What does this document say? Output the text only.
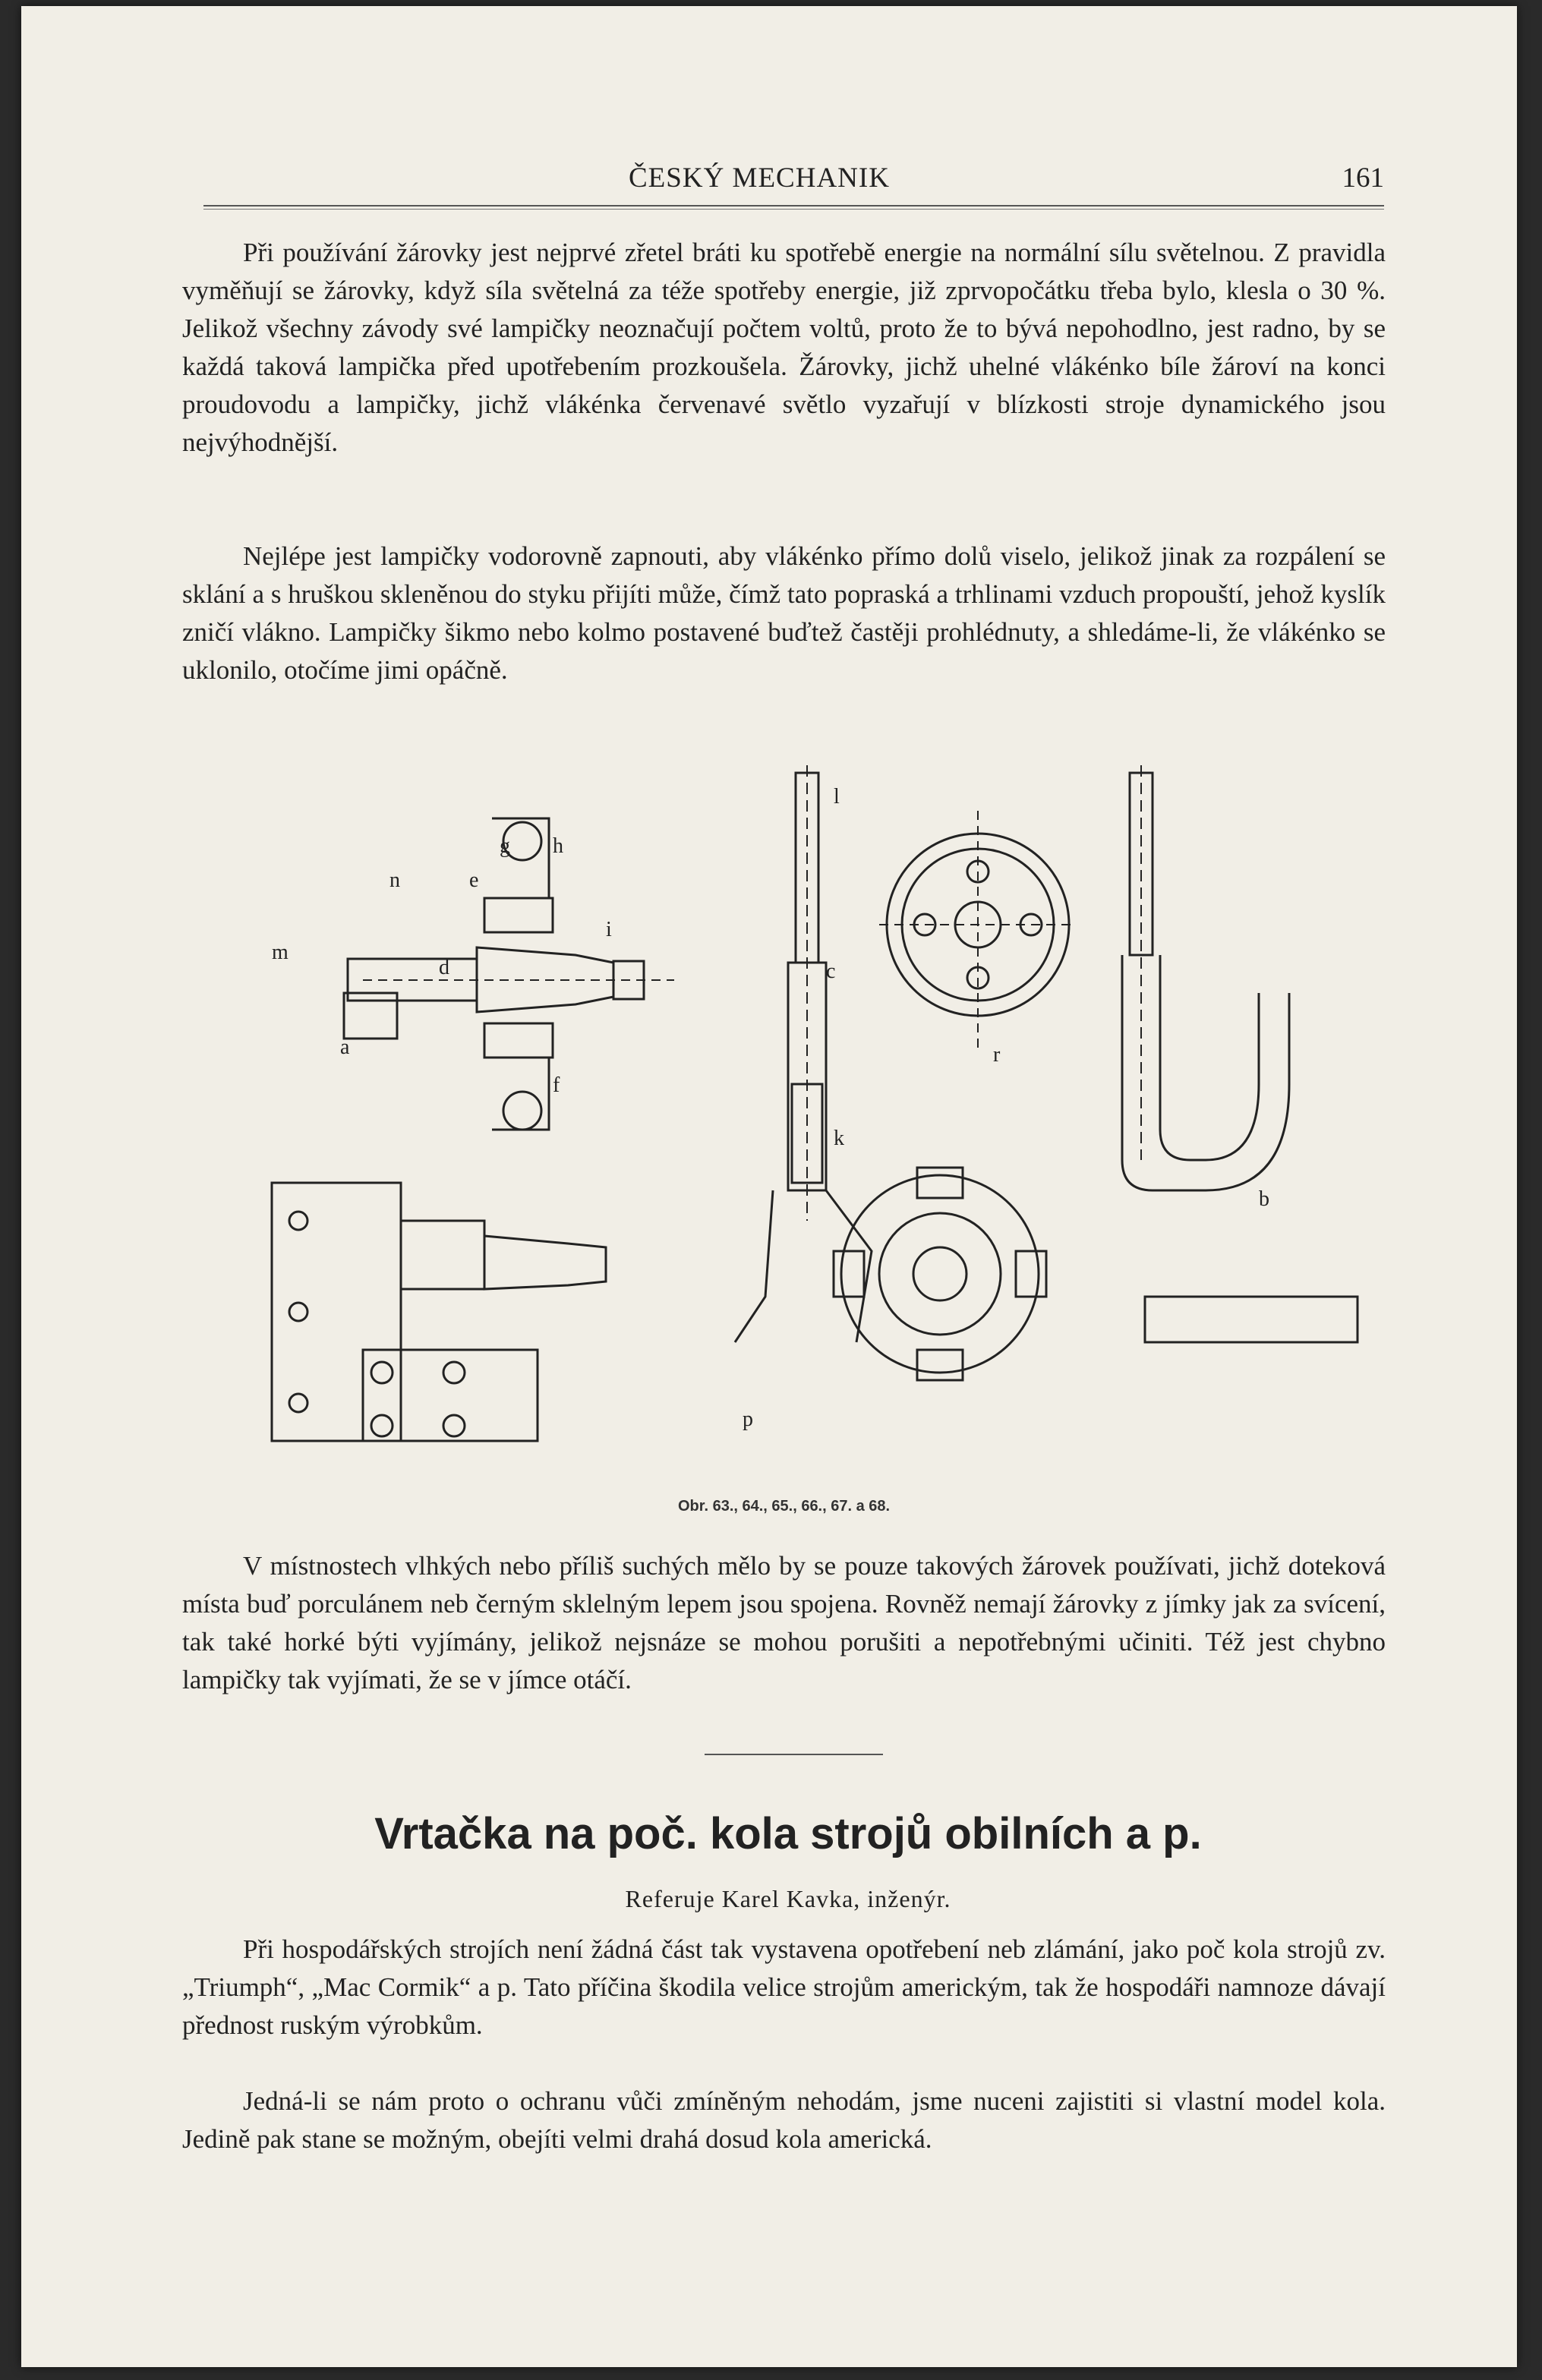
ČESKÝ MECHANIK	161

Při používání žárovky jest nejprvé zřetel bráti ku spotřebě energie na normální sílu světelnou. Z pravidla vyměňují se žárovky, když síla světelná za téže spotřeby energie, již zprvopočátku třeba bylo, klesla o 30 %. Jelikož všechny závody své lampičky neoznačují počtem voltů, proto že to bývá nepohodlno, jest radno, by se každá taková lampička před upotřebením prozkoušela. Žárovky, jichž uhelné vlákénko bíle žároví na konci proudovodu a lampičky, jichž vlákénka červenavé světlo vyzařují v blízkosti stroje dynamického jsou nejvýhodnější.

Nejlépe jest lampičky vodorovně zapnouti, aby vlákénko přímo dolů viselo, jelikož jinak za rozpálení se sklání a s hruškou skleněnou do styku přijíti může, čímž tato popraská a trhlinami vzduch propouští, jehož kyslík zničí vlákno. Lampičky šikmo nebo kolmo postavené buďtež častěji prohlédnuty, a shledáme-li, že vlákénko se uklonilo, otočíme jimi opáčně.

g h
n	e
m
d
i
a
f
l
c
r
k
b
p
Obr. 63., 64., 65., 66., 67. a 68.

V místnostech vlhkých nebo příliš suchých mělo by se pouze takových žárovek používati, jichž doteková místa buď porculánem neb černým sklelným lepem jsou spojena. Rovněž nemají žárovky z jímky jak za svícení, tak také horké býti vyjímány, jelikož nejsnáze se mohou porušiti a nepotřebnými učiniti. Též jest chybno lampičky tak vyjímati, že se v jímce otáčí.

Vrtačka na poč. kola strojů obilních a p.
Referuje Karel Kavka, inženýr.

Při hospodářských strojích není žádná část tak vystavena opotřebení neb zlámání, jako poč kola strojů zv. „Triumph“, „Mac Cormik“ a p. Tato příčina škodila velice strojům americkým, tak že hospodáři namnoze dávají přednost ruským výrobkům.

Jedná-li se nám proto o ochranu vůči zmíněným nehodám, jsme nuceni zajistiti si vlastní model kola. Jedině pak stane se možným, obejíti velmi drahá dosud kola americká.
